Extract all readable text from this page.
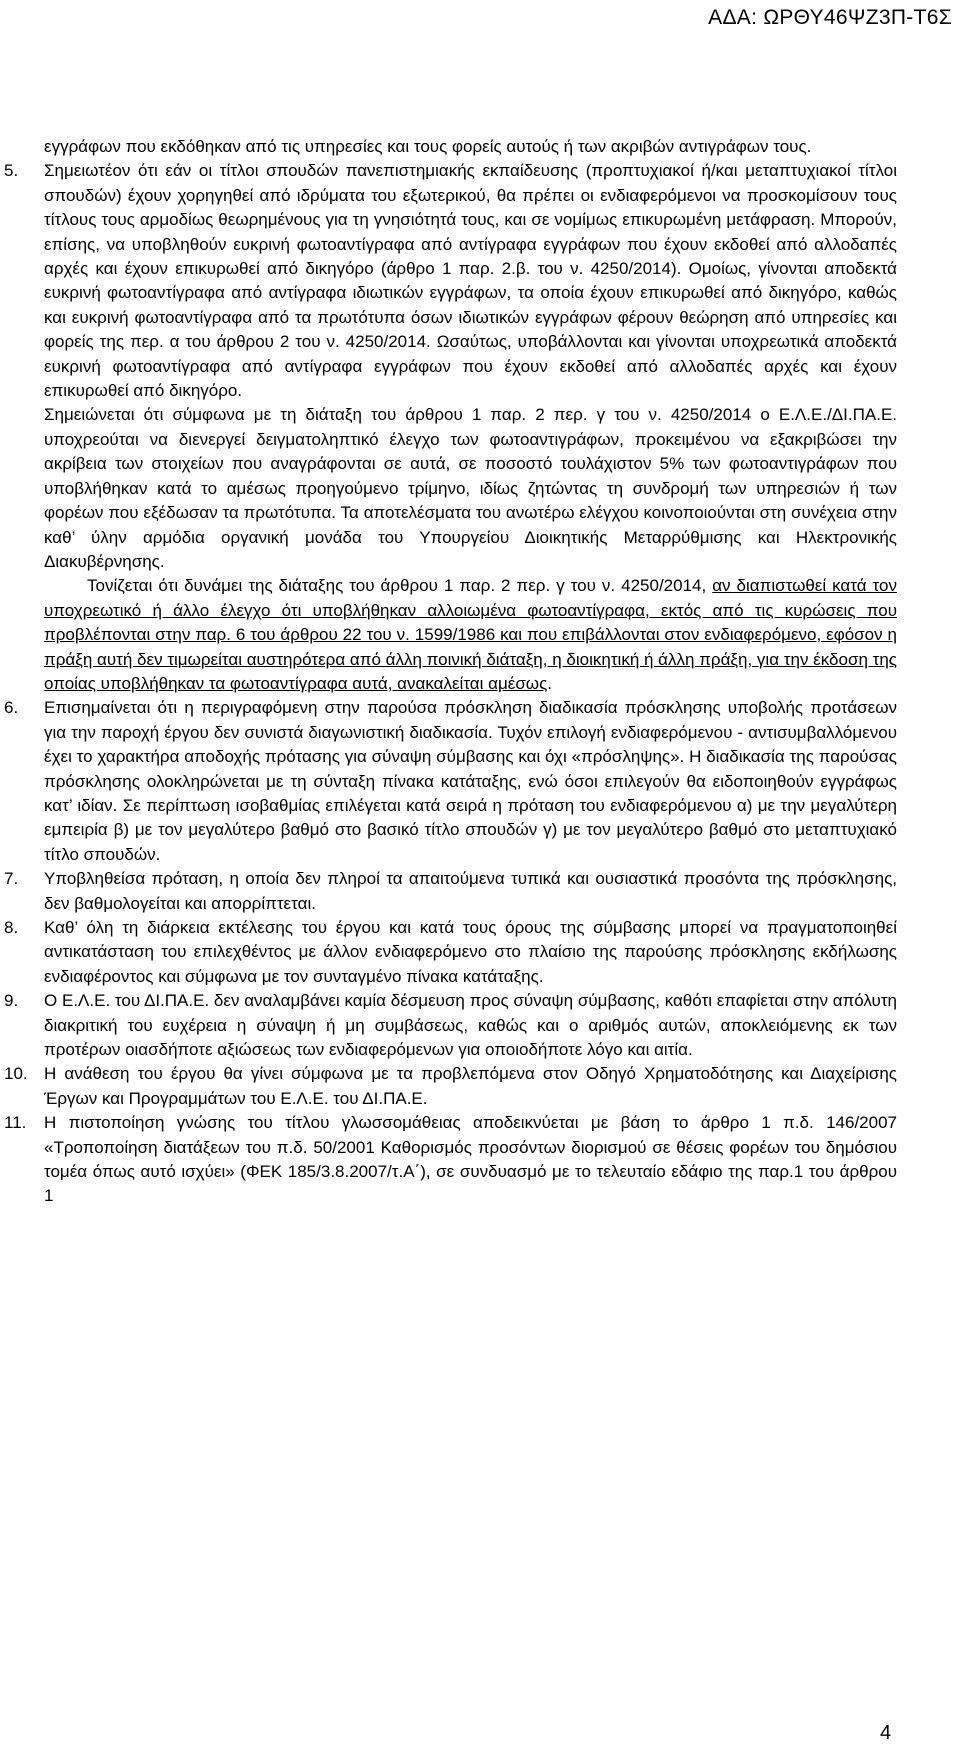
ΑΔΑ: ΩΡΘΥ46ΨΖ3Π-Τ6Σ

εγγράφων που εκδόθηκαν από τις υπηρεσίες και τους φορείς αυτούς ή των ακριβών αντιγράφων τους.

5.	Σημειωτέον ότι εάν οι τίτλοι σπουδών πανεπιστημιακής εκπαίδευσης (προπτυχιακοί ή/και μεταπτυχιακοί τίτλοι σπουδών) έχουν χορηγηθεί από ιδρύματα του εξωτερικού, θα πρέπει οι ενδιαφερόμενοι να προσκομίσουν τους τίτλους τους αρμοδίως θεωρημένους για τη γνησιότητά τους, και σε νομίμως επικυρωμένη μετάφραση. Μπορούν, επίσης, να υποβληθούν ευκρινή φωτοαντίγραφα από αντίγραφα εγγράφων που έχουν εκδοθεί από αλλοδαπές αρχές και έχουν επικυρωθεί από δικηγόρο (άρθρο 1 παρ. 2.β. του ν. 4250/2014). Ομοίως, γίνονται αποδεκτά ευκρινή φωτοαντίγραφα από αντίγραφα ιδιωτικών εγγράφων, τα οποία έχουν επικυρωθεί από δικηγόρο, καθώς και ευκρινή φωτοαντίγραφα από τα πρωτότυπα όσων ιδιωτικών εγγράφων φέρουν θεώρηση από υπηρεσίες και φορείς της περ. α του άρθρου 2 του ν. 4250/2014. Ωσαύτως, υποβάλλονται και γίνονται υποχρεωτικά αποδεκτά ευκρινή φωτοαντίγραφα από αντίγραφα εγγράφων που έχουν εκδοθεί από αλλοδαπές αρχές και έχουν επικυρωθεί από δικηγόρο.

Σημειώνεται ότι σύμφωνα με τη διάταξη του άρθρου 1 παρ. 2 περ. γ του ν. 4250/2014 ο Ε.Λ.Ε./ΔΙ.ΠΑ.Ε. υποχρεούται να διενεργεί δειγματοληπτικό έλεγχο των φωτοαντιγράφων, προκειμένου να εξακριβώσει την ακρίβεια των στοιχείων που αναγράφονται σε αυτά, σε ποσοστό τουλάχιστον 5% των φωτοαντιγράφων που υποβλήθηκαν κατά το αμέσως προηγούμενο τρίμηνο, ιδίως ζητώντας τη συνδρομή των υπηρεσιών ή των φορέων που εξέδωσαν τα πρωτότυπα. Τα αποτελέσματα του ανωτέρω ελέγχου κοινοποιούνται στη συνέχεια στην καθ’ ύλην αρμόδια οργανική μονάδα του Υπουργείου Διοικητικής Μεταρρύθμισης και Ηλεκτρονικής Διακυβέρνησης.

Τονίζεται ότι δυνάμει της διάταξης του άρθρου 1 παρ. 2 περ. γ του ν. 4250/2014, αν διαπιστωθεί κατά τον υποχρεωτικό ή άλλο έλεγχο ότι υποβλήθηκαν αλλοιωμένα φωτοαντίγραφα, εκτός από τις κυρώσεις που προβλέπονται στην παρ. 6 του άρθρου 22 του ν. 1599/1986 και που επιβάλλονται στον ενδιαφερόμενο, εφόσον η πράξη αυτή δεν τιμωρείται αυστηρότερα από άλλη ποινική διάταξη, η διοικητική ή άλλη πράξη, για την έκδοση της οποίας υποβλήθηκαν τα φωτοαντίγραφα αυτά, ανακαλείται αμέσως.

6.	Επισημαίνεται ότι η περιγραφόμενη στην παρούσα πρόσκληση διαδικασία πρόσκλησης υποβολής προτάσεων για την παροχή έργου δεν συνιστά διαγωνιστική διαδικασία. Τυχόν επιλογή ενδιαφερόμενου - αντισυμβαλλόμενου έχει το χαρακτήρα αποδοχής πρότασης για σύναψη σύμβασης και όχι «πρόσληψης». Η διαδικασία της παρούσας πρόσκλησης ολοκληρώνεται με τη σύνταξη πίνακα κατάταξης, ενώ όσοι επιλεγούν θα ειδοποιηθούν εγγράφως κατ’ ιδίαν. Σε περίπτωση ισοβαθμίας επιλέγεται κατά σειρά η πρόταση του ενδιαφερόμενου α) με την μεγαλύτερη εμπειρία β) με τον μεγαλύτερο βαθμό στο βασικό τίτλο σπουδών γ) με τον μεγαλύτερο βαθμό στο μεταπτυχιακό τίτλο σπουδών.

7.	Υποβληθείσα πρόταση, η οποία δεν πληροί τα απαιτούμενα τυπικά και ουσιαστικά προσόντα της πρόσκλησης, δεν βαθμολογείται και απορρίπτεται.

8.	Καθ’ όλη τη διάρκεια εκτέλεσης του έργου και κατά τους όρους της σύμβασης μπορεί να πραγματοποιηθεί αντικατάσταση του επιλεχθέντος με άλλον ενδιαφερόμενο στο πλαίσιο της παρούσης πρόσκλησης εκδήλωσης ενδιαφέροντος και σύμφωνα με τον συνταγμένο πίνακα κατάταξης.

9.	Ο Ε.Λ.Ε. του ΔΙ.ΠΑ.Ε. δεν αναλαμβάνει καμία δέσμευση προς σύναψη σύμβασης, καθότι επαφίεται στην απόλυτη διακριτική του ευχέρεια η σύναψη ή μη συμβάσεως, καθώς και ο αριθμός αυτών, αποκλειόμενης εκ των προτέρων οιασδήποτε αξιώσεως των ενδιαφερόμενων για οποιοδήποτε λόγο και αιτία.

10. Η ανάθεση του έργου θα γίνει σύμφωνα με τα προβλεπόμενα στον Οδηγό Χρηματοδότησης και Διαχείρισης Έργων και Προγραμμάτων του Ε.Λ.Ε. του ΔΙ.ΠΑ.Ε.

11.	Η πιστοποίηση γνώσης του τίτλου γλωσσομάθειας αποδεικνύεται με βάση το άρθρο 1 π.δ. 146/2007 «Τροποποίηση διατάξεων του π.δ. 50/2001 Καθορισμός προσόντων διορισμού σε θέσεις φορέων του δημόσιου τομέα όπως αυτό ισχύει» (ΦΕΚ 185/3.8.2007/τ.Α΄), σε συνδυασμό με το τελευταίο εδάφιο της παρ.1 του άρθρου 1

4
